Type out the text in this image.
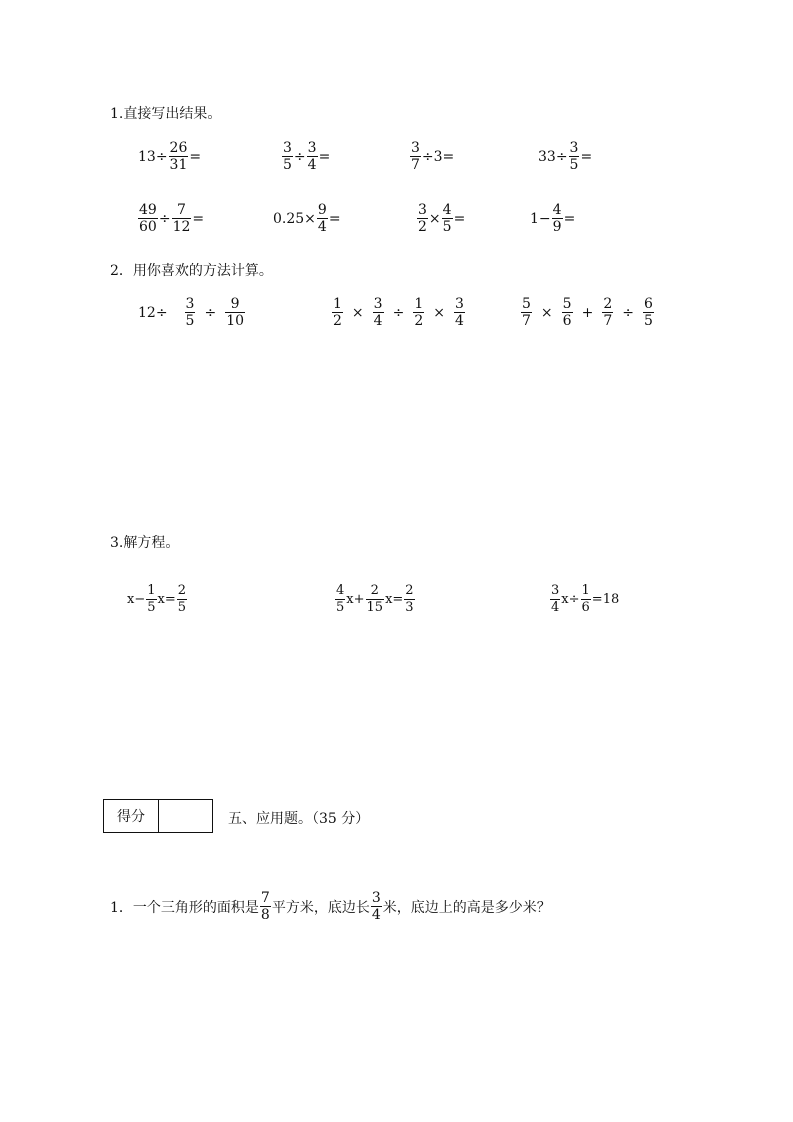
1.直接写出结果。
$13\div \frac{26}{31}$ =	$\frac{3}{5} \div \frac{3}{4}$ =	$\frac{3}{7} \div 3=$	$33\div \frac{3}{5}$ =
$\frac{49}{60} \div \frac{7}{12}$ =	$0.25\times \frac{9}{4}$ =	$\frac{3}{2} \times \frac{4}{5}$ =	$1- \frac{4}{9}$ =
2．用你喜欢的方法计算。
$12\div \frac{3}{5} \div \frac{9}{10}$	$\frac{1}{2} \times \frac{3}{4} \div \frac{1}{2} \times \frac{3}{4}$	$\frac{5}{7} \times \frac{5}{6} + \frac{2}{7} \div \frac{6}{5}$
3.解方程。
$x- \frac{1}{5} x= \frac{2}{5}$	$\frac{4}{5} x+ \frac{2}{15} x= \frac{2}{3}$	$\frac{3}{4} x\div \frac{1}{6} =18$
得分	五、应用题。（35 分）
1．一个三角形的面积是 $\frac{7}{8}$ 平方米，底边长 $\frac{3}{4}$ 米，底边上的高是多少米？
